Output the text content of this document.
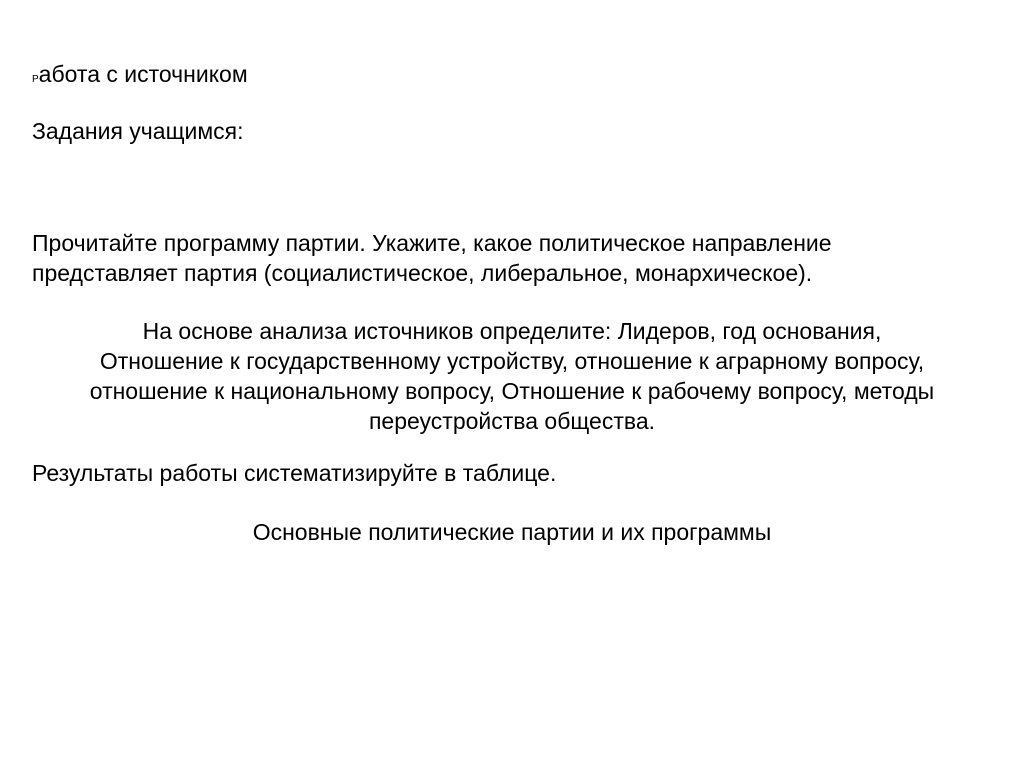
Работа с источником
Задания учащимся:

Прочитайте программу партии. Укажите, какое политическое направление

представляет партия (социалистическое, либеральное, монархическое).

На основе анализа источников определите: Лидеров, год основания,

Отношение к государственному устройству, отношение к аграрному вопросу,

отношение к национальному вопросу, Отношение к рабочему вопросу, методы

переустройства общества.

Результаты работы систематизируйте в таблице.
Основные политические партии и их программы
